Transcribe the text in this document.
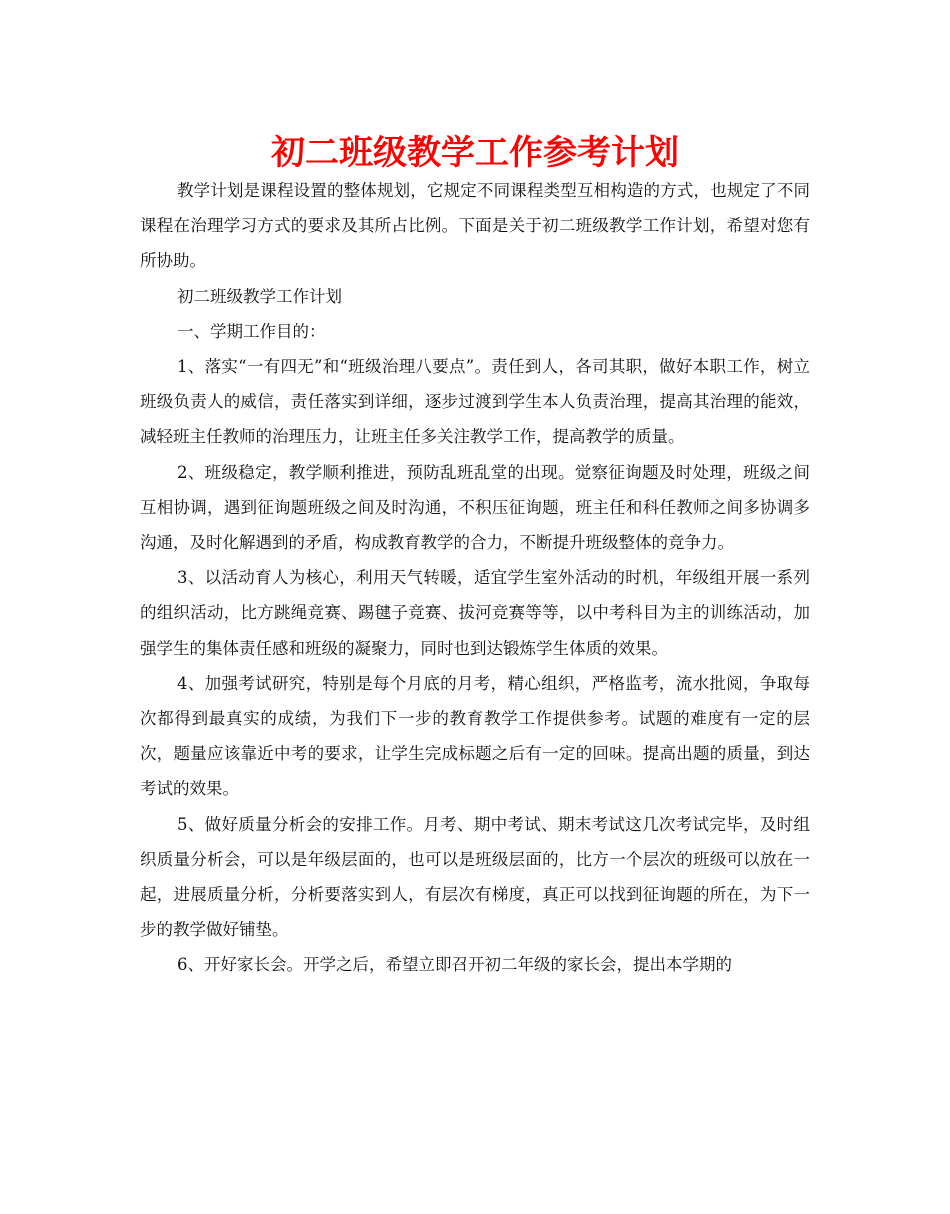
初二班级教学工作参考计划

教学计划是课程设置的整体规划，它规定不同课程类型互相构造的方式，也规定了不同课程在治理学习方式的要求及其所占比例。下面是关于初二班级教学工作计划，希望对您有所协助。

初二班级教学工作计划

一、学期工作目的：

1、落实“一有四无”和“班级治理八要点”。责任到人，各司其职，做好本职工作，树立班级负责人的威信，责任落实到详细，逐步过渡到学生本人负责治理，提高其治理的能效，减轻班主任教师的治理压力，让班主任多关注教学工作，提高教学的质量。

2、班级稳定，教学顺利推进，预防乱班乱堂的出现。觉察征询题及时处理，班级之间互相协调，遇到征询题班级之间及时沟通，不积压征询题，班主任和科任教师之间多协调多沟通，及时化解遇到的矛盾，构成教育教学的合力，不断提升班级整体的竞争力。

3、以活动育人为核心，利用天气转暖，适宜学生室外活动的时机，年级组开展一系列的组织活动，比方跳绳竞赛、踢毽子竞赛、拔河竞赛等等，以中考科目为主的训练活动，加强学生的集体责任感和班级的凝聚力，同时也到达锻炼学生体质的效果。

4、加强考试研究，特别是每个月底的月考，精心组织，严格监考，流水批阅，争取每次都得到最真实的成绩，为我们下一步的教育教学工作提供参考。试题的难度有一定的层次，题量应该靠近中考的要求，让学生完成标题之后有一定的回味。提高出题的质量，到达考试的效果。

5、做好质量分析会的安排工作。月考、期中考试、期末考试这几次考试完毕，及时组织质量分析会，可以是年级层面的，也可以是班级层面的，比方一个层次的班级可以放在一起，进展质量分析，分析要落实到人，有层次有梯度，真正可以找到征询题的所在，为下一步的教学做好铺垫。

6、开好家长会。开学之后，希望立即召开初二年级的家长会，提出本学期的
